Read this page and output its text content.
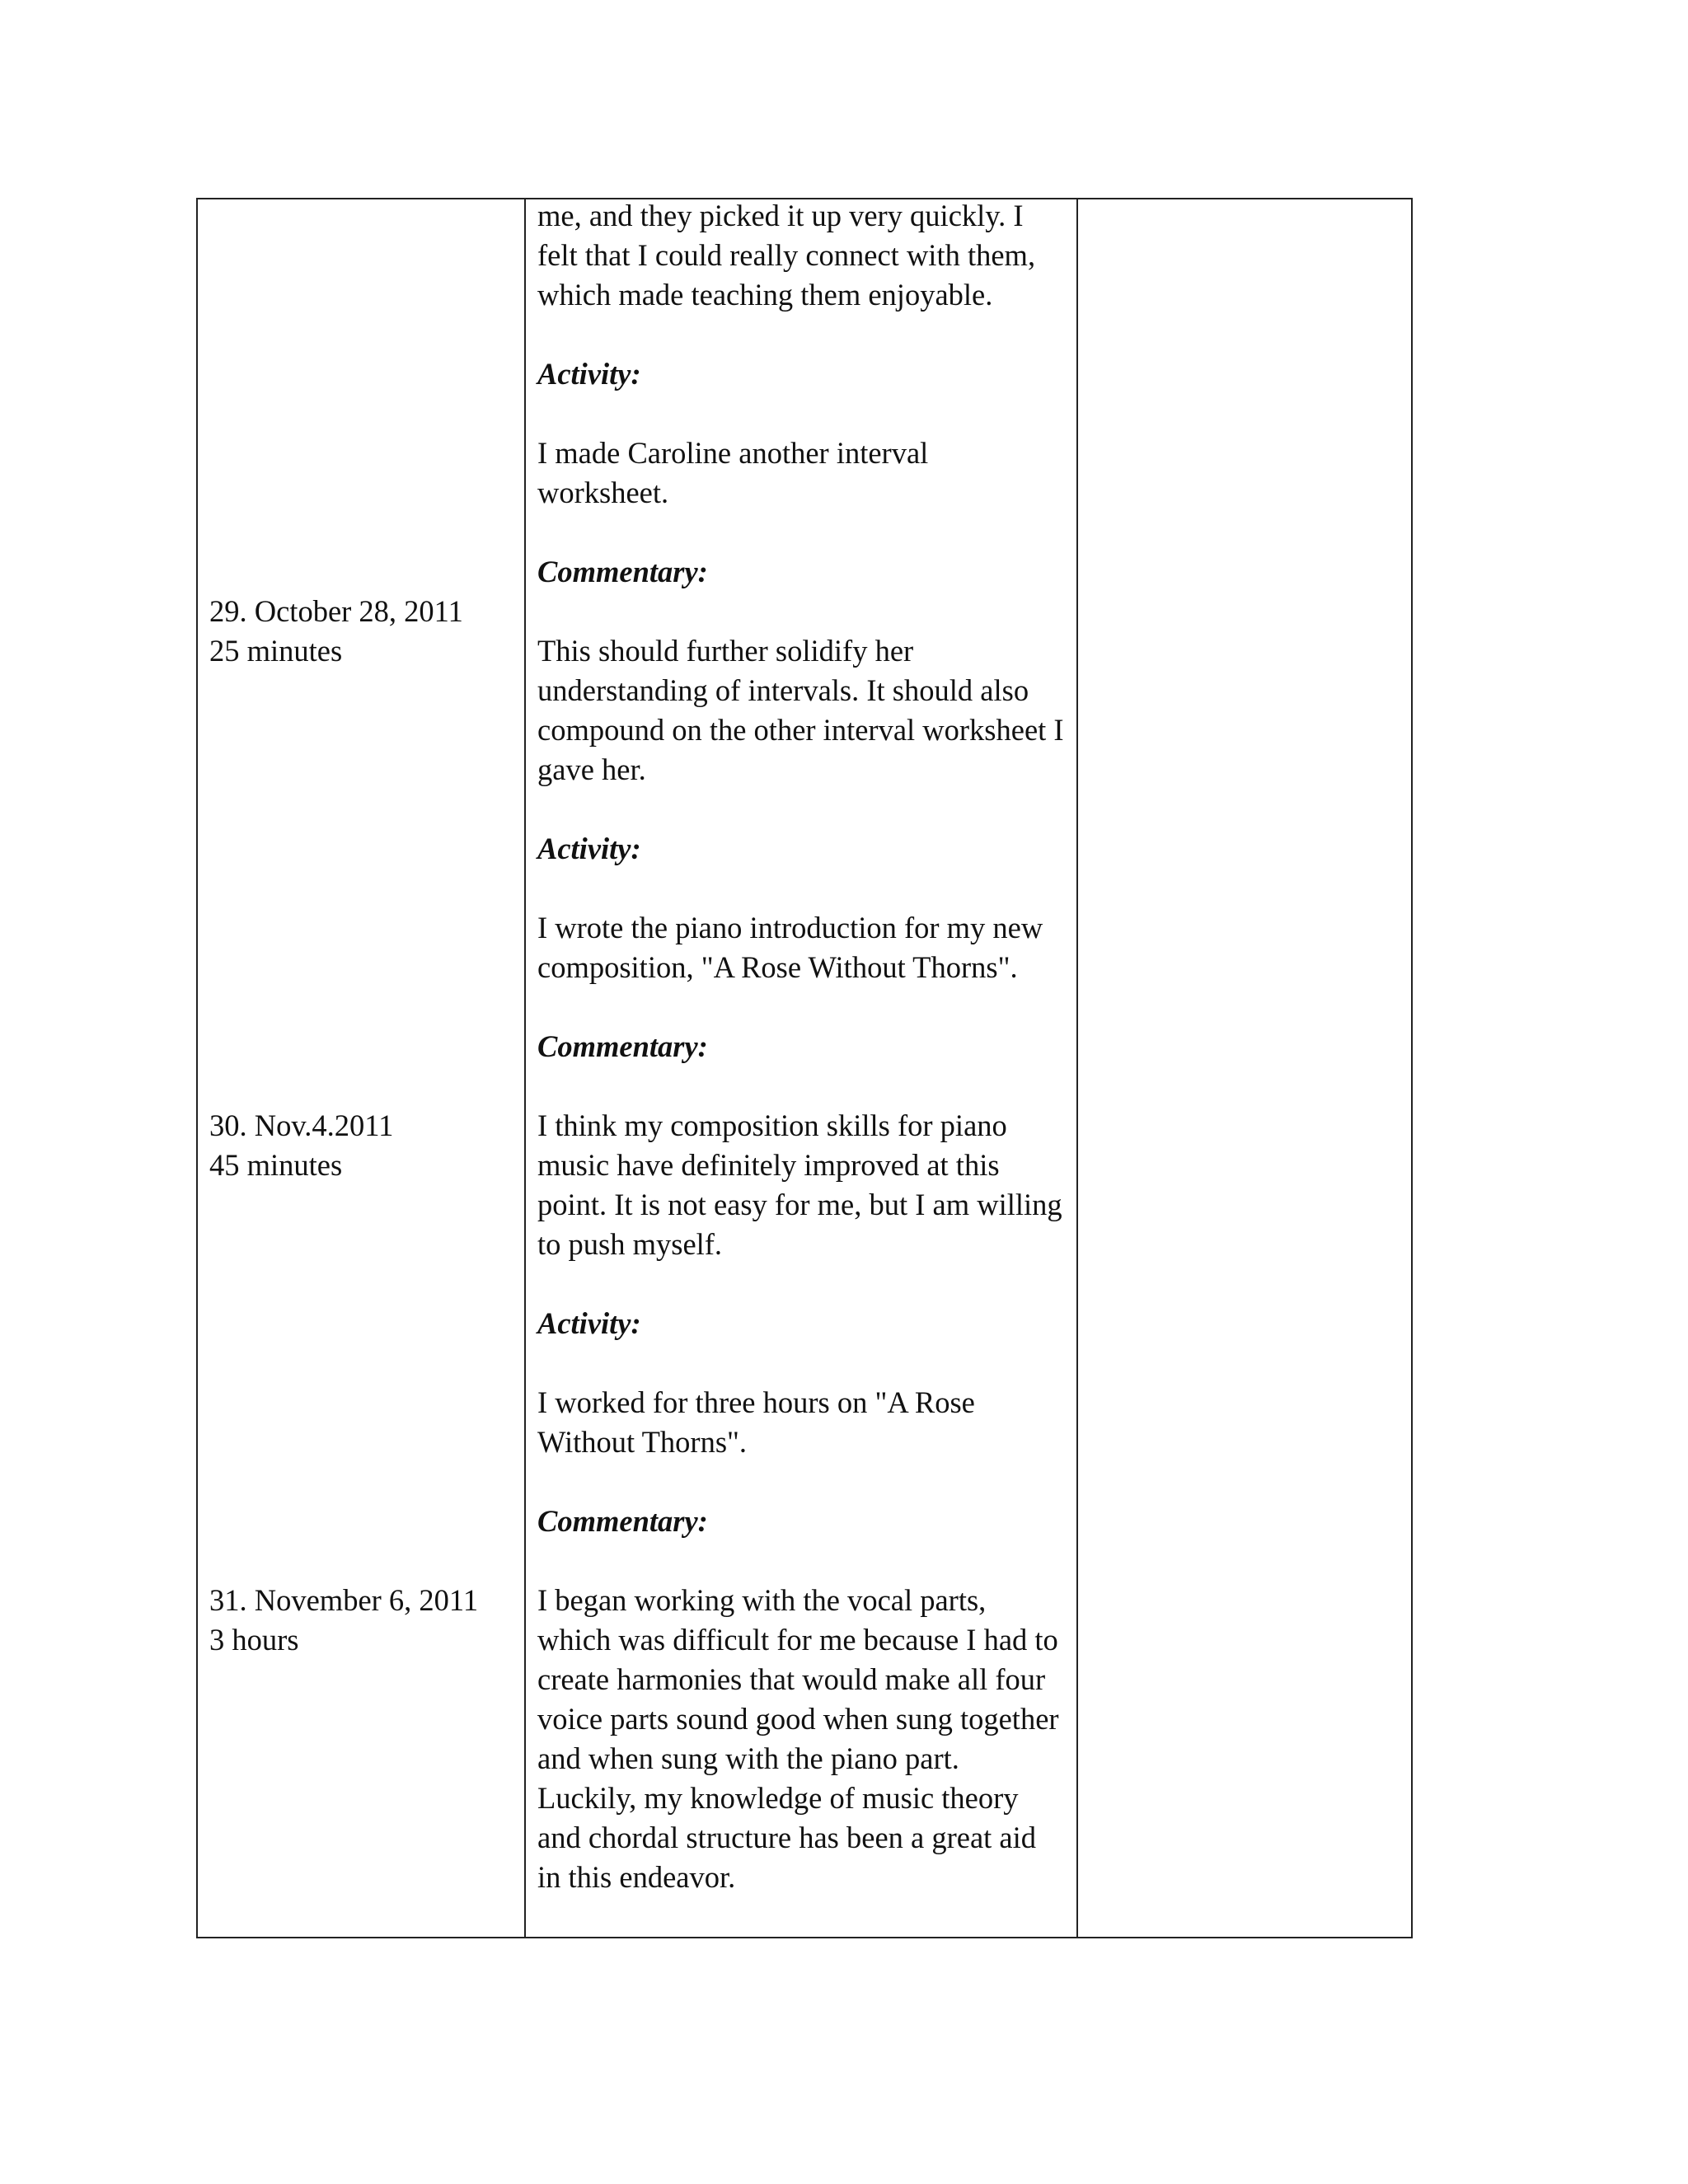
me, and they picked it up very quickly. I
felt that I could really connect with them,
which made teaching them enjoyable.
Activity:
I made Caroline another interval
worksheet.
Commentary:
This should further solidify her
understanding of intervals. It should also
compound on the other interval worksheet I
gave her.
29. October 28, 2011
25 minutes
Activity:
I wrote the piano introduction for my new
composition, "A Rose Without Thorns".
Commentary:
I think my composition skills for piano
music have definitely improved at this
point. It is not easy for me, but I am willing
to push myself.
30. Nov.4.2011
45 minutes
Activity:
I worked for three hours on "A Rose
Without Thorns".
Commentary:
I began working with the vocal parts,
which was difficult for me because I had to
create harmonies that would make all four
voice parts sound good when sung together
and when sung with the piano part.
Luckily, my knowledge of music theory
and chordal structure has been a great aid
in this endeavor.
31. November 6, 2011
3 hours
